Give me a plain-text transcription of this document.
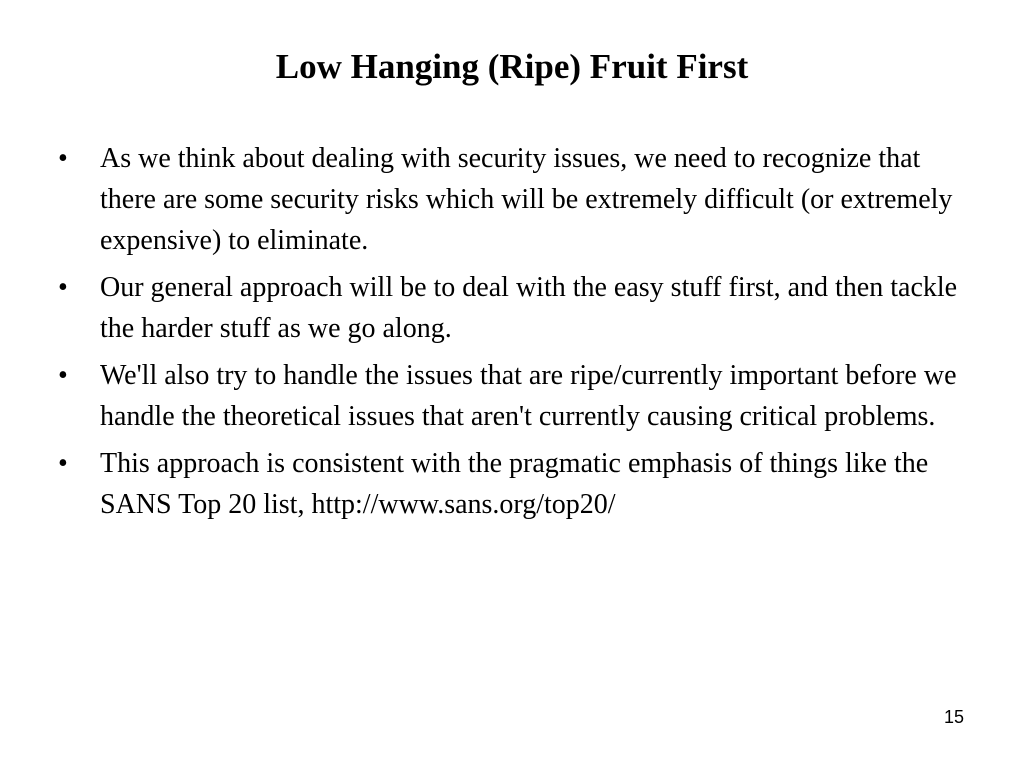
Low Hanging (Ripe) Fruit First
•	As we think about dealing with security issues, we need to recognize that there are some security risks which will be extremely difficult (or extremely expensive) to eliminate.
•	Our general approach will be to deal with the easy stuff first, and then tackle the harder stuff as we go along.
•	We'll also try to handle the issues that are ripe/currently important before we handle the theoretical issues that aren't currently causing critical problems.
•	This approach is consistent with the pragmatic emphasis of things like the SANS Top 20 list, http://www.sans.org/top20/
15
